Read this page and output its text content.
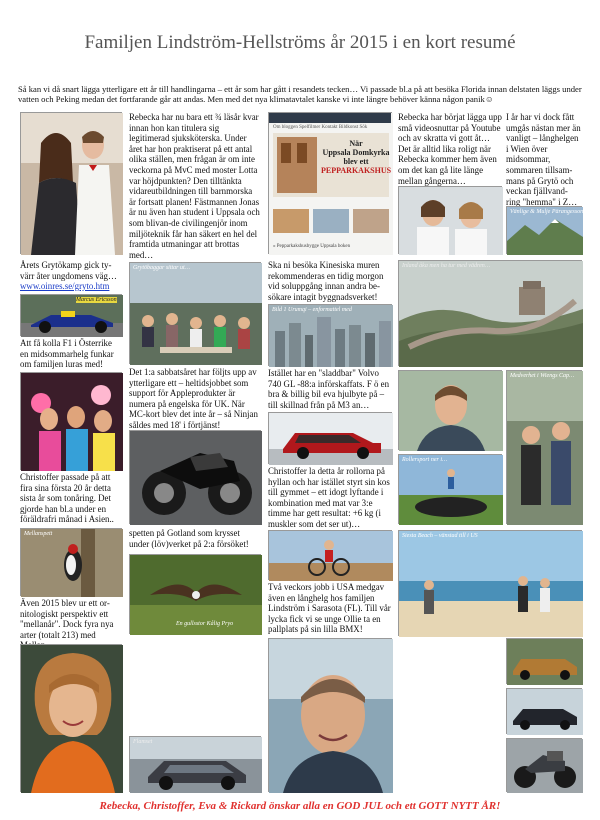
Familjen Lindström-Hellströms år 2015 i en kort resumé
Så kan vi då snart lägga ytterligare ett år till handlingarna – ett år som har gått i resandets tecken… Vi passade bl.a på att besöka Florida innan delstaten läggs under vatten och Peking medan det fortfarande går att andas. Men med det nya klimatavtalet kanske vi inte längre behöver känna någon panik☺
Årets Grytökamp gick ty-värr åter ungdomens väg…
www.oinres.se/gryto.htm
Marcus Ericsson
Att få kolla F1 i Österrike en midsommarhelg funkar om familjen luras med!
Christoffer passade på att fira sina första 20 år detta sista år som tonåring. Det gjorde han bl.a under en föräldrafri månad i Asien..
Mellanspett
Även 2015 blev ur ett or-nitologiskt perspektiv ett "mellanår". Dock fyra nya arter (totalt 213) med
Rebecka har nu bara ett ¾ läsår kvar innan hon kan titulera sig legitimerad sjuksköterska. Under året har hon praktiserat på ett antal olika ställen, men frågan är om inte veckorna på MvC med moster Lotta var höjdpunkten? Den tilltänkta vidareutbildningen till barnmorska är fortsatt planen! Fästmannen Jonas är nu även han student i Uppsala och som blivan-de civilingenjör inom miljöteknik får han säkert en hel del framtida utmaningar att brottas med…
Grytöbaggar sittar ut…
Det 1:a sabbatsåret har följts upp av ytterligare ett – heltidsjobbet som support för Appleprodukter är numera på engelska för UK. När MC-kort blev det inte år – så Ninjan såldes med 18' i förtjänst!
spetten på Gotland som krysset under (löv)verket på 2:a försöket!
En gullsstor Kålig Pryo
Flamset
Om bloggen Spelfilmer Kontakt Bildkonst Sök
När
Uppsala Domkyrka
blev ett
PEPPARKAKSHUS
« Pepparkakshusbygge Uppsala boken
Ska ni besöka Kinesiska muren rekommenderas en tidig morgon vid soluppgång innan andra be-sökare intagit byggnadsverket!
Bild 1 Urumqi – enformattel med
Istället har en "sladdbar" Volvo 740 GL -88:a införskaffats. F ö en bra & billig bil eva hjulbyte på – till skillnad från på M3 an…
Christoffer la detta år rollorna på hyllan och har istället styrt sin kos till gymmet – ett idogt lyftande i kombination med mat var 3:e timme har gett resultat: +6 kg (i muskler som det ser ut)…
Två veckors jobb i USA medgav även en långhelg hos familjen Lindström i Sarasota (FL). Till vår lycka fick vi se unge Ollie ta en pallplats på sin lilla BMX!
Rebecka har börjat lägga upp små videosnuttar på Youtube och av skratta vi gott åt… Det är alltid lika roligt när Rebecka kommer hem även om det kan gå lite länge mellan gångerna…
Inland åka men ha tur med vädren…
Rollersport ner i…
Siesta Beach – vänstad till i US
I år har vi dock fått umgås nästan mer än vanligt – långhelgen i Wien över midsommar, sommaren tillsam-mans på Grytö och veckan fjällvand-ring "hemma" i Z…
Vänlige & Mulje Pärangesson
Medverhet i Wiengs Cap…
Rebecka, Christoffer, Eva & Rickard önskar alla en GOD JUL och ett GOTT NYTT ÅR!
